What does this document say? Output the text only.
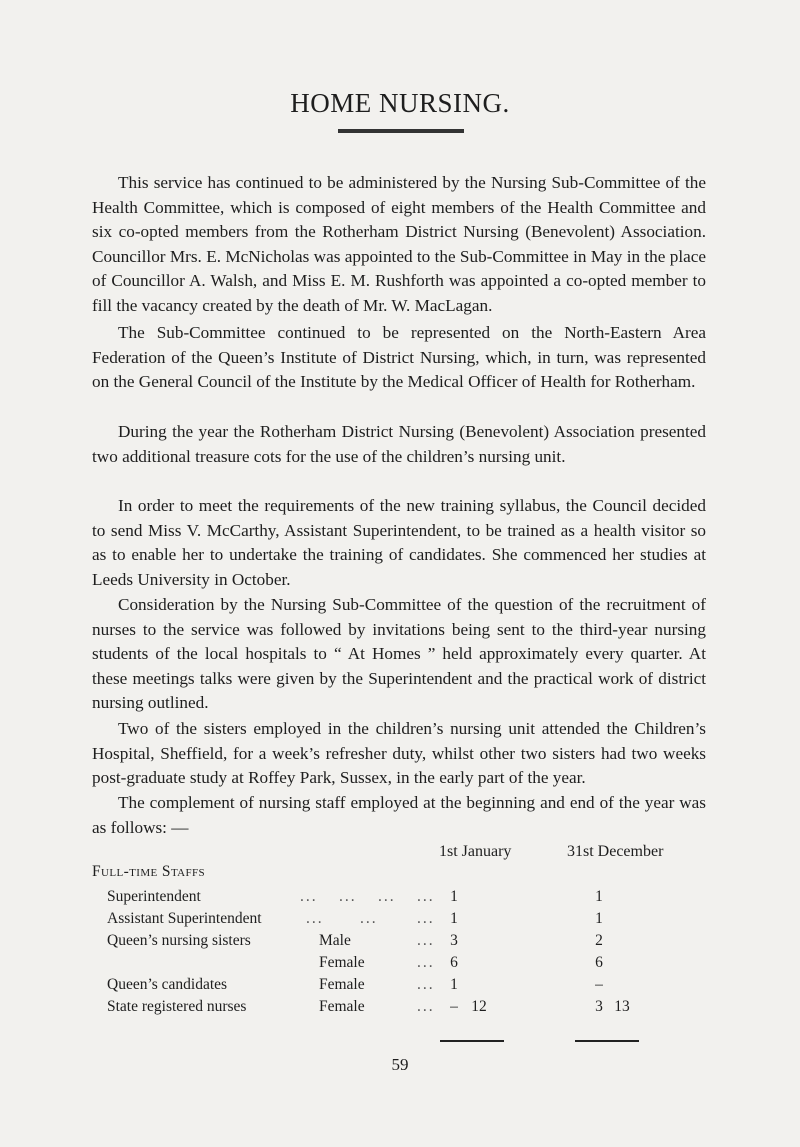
HOME NURSING.

This service has continued to be administered by the Nursing Sub-Committee of the Health Committee, which is composed of eight members of the Health Committee and six co-opted members from the Rotherham District Nursing (Benevolent) Association. Councillor Mrs. E. McNicholas was appointed to the Sub-Committee in May in the place of Councillor A. Walsh, and Miss E. M. Rushforth was appointed a co-opted member to fill the vacancy created by the death of Mr. W. MacLagan.

The Sub-Committee continued to be represented on the North-Eastern Area Federation of the Queen’s Institute of District Nursing, which, in turn, was represented on the General Council of the Institute by the Medical Officer of Health for Rotherham.

During the year the Rotherham District Nursing (Benevolent) Association presented two additional treasure cots for the use of the children’s nursing unit.

In order to meet the requirements of the new training syllabus, the Council decided to send Miss V. McCarthy, Assistant Superintendent, to be trained as a health visitor so as to enable her to undertake the training of candidates. She commenced her studies at Leeds University in October.

Consideration by the Nursing Sub-Committee of the question of the recruitment of nurses to the service was followed by invitations being sent to the third-year nursing students of the local hospitals to “ At Homes ” held approximately every quarter. At these meetings talks were given by the Superintendent and the practical work of district nursing outlined.

Two of the sisters employed in the children’s nursing unit attended the Children’s Hospital, Sheffield, for a week’s refresher duty, whilst other two sisters had two weeks post-graduate study at Roffey Park, Sussex, in the early part of the year.

The complement of nursing staff employed at the beginning and end of the year was as follows: —

1st January	31st December
Full-time Staffs
Superintendent	... ... ... ...	1	1
Assistant Superintendent	... ...	...	1	1
Queen’s nursing sisters	Male	...	3	2
Female	...	6	6
Queen’s candidates	Female	...	1	–
State registered nurses	Female	...	– 12	3 13
59
